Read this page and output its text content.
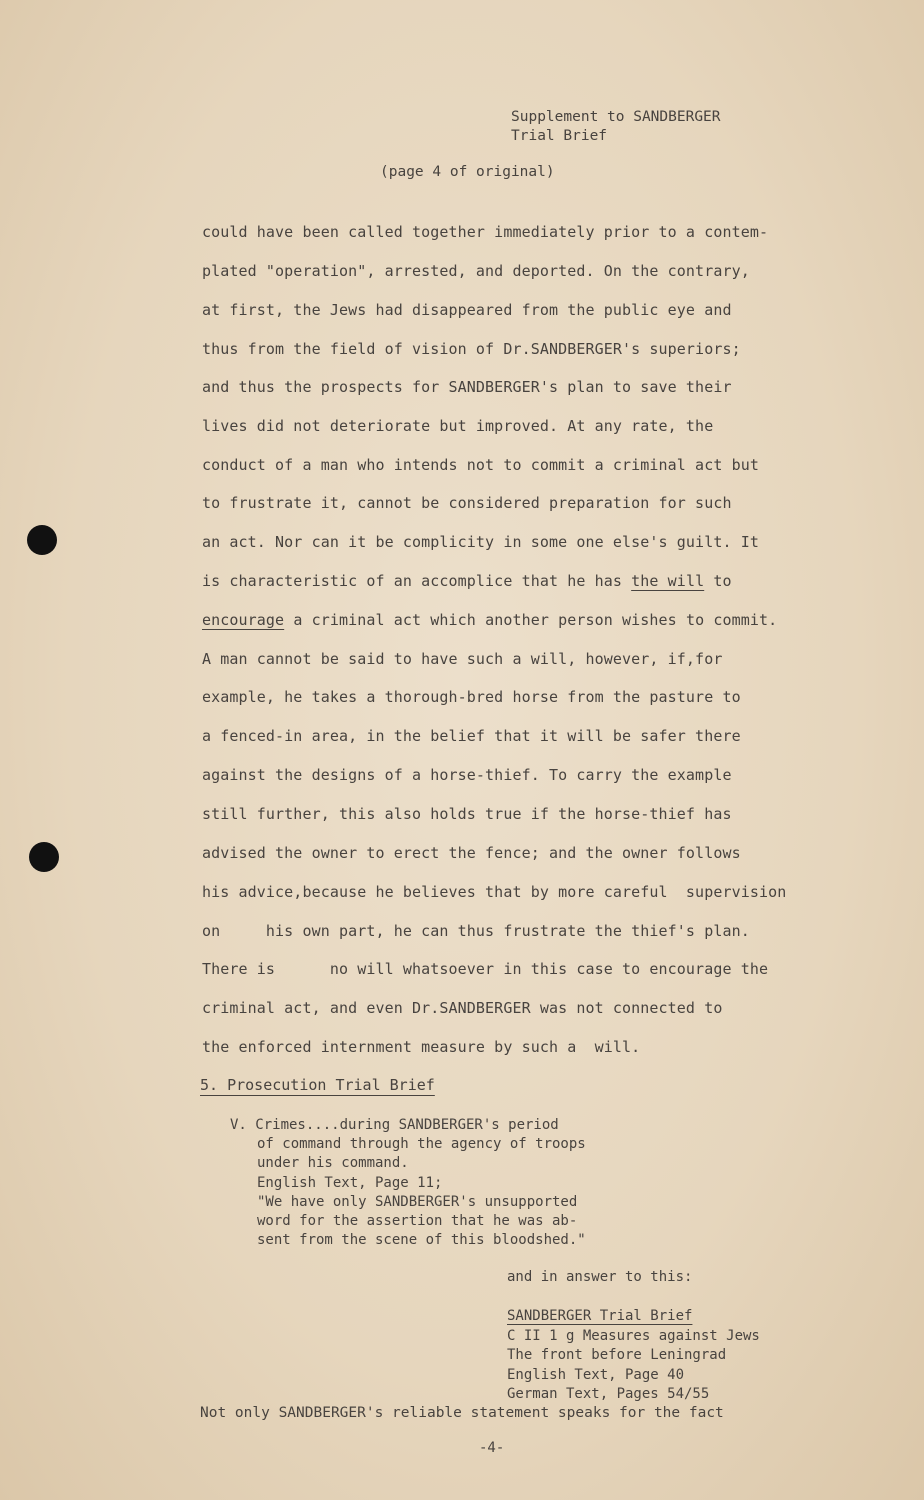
Supplement to SANDBERGER
Trial Brief
(page 4 of original)
could have been called together immediately prior to a contem-
plated "operation", arrested, and deported. On the contrary,
at first, the Jews had disappeared from the public eye and
thus from the field of vision of Dr.SANDBERGER's superiors;
and thus the prospects for SANDBERGER's plan to save their
lives did not deteriorate but improved. At any rate, the
conduct of a man who intends not to commit a criminal act but
to frustrate it, cannot be considered preparation for such
an act. Nor can it be complicity in some one else's guilt. It
is characteristic of an accomplice that he has the will to
encourage a criminal act which another person wishes to commit.
A man cannot be said to have such a will, however, if,for
example, he takes a thorough-bred horse from the pasture to
a fenced-in area, in the belief that it will be safer there
against the designs of a horse-thief. To carry the example
still further, this also holds true if the horse-thief has
advised the owner to erect the fence; and the owner follows
his advice,because he believes that by more careful  supervision
on     his own part, he can thus frustrate the thief's plan.
There is      no will whatsoever in this case to encourage the
criminal act, and even Dr.SANDBERGER was not connected to
the enforced internment measure by such a  will.
5. Prosecution Trial Brief
V. Crimes....during SANDBERGER's period
of command through the agency of troops
under his command.
English Text, Page 11;
"We have only SANDBERGER's unsupported
word for the assertion that he was ab-
sent from the scene of this bloodshed."
and in answer to this:
SANDBERGER Trial Brief
C II 1 g Measures against Jews
The front before Leningrad
English Text, Page 40
German Text, Pages 54/55
Not only SANDBERGER's reliable statement speaks for the fact
-4-
